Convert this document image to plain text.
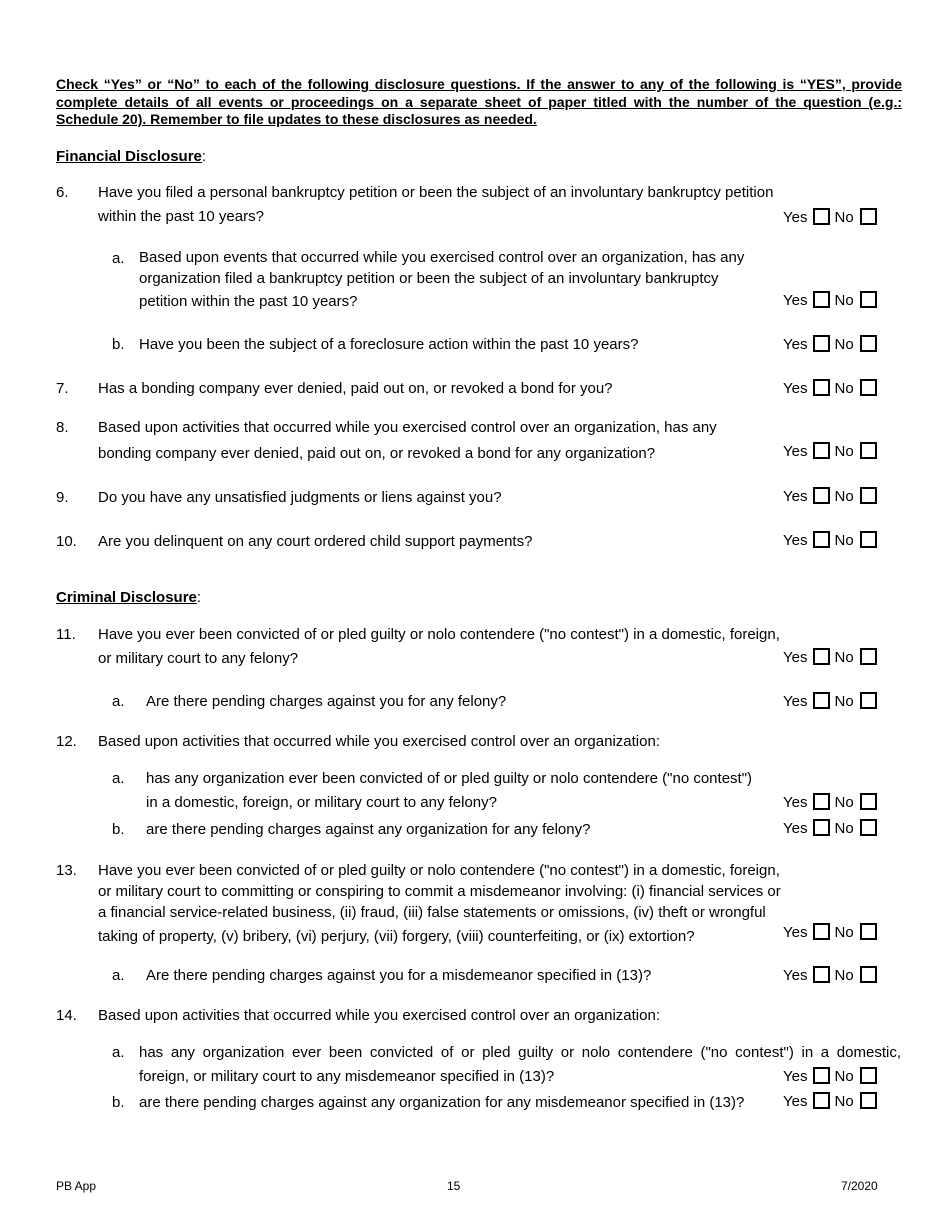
Check “Yes” or “No” to each of the following disclosure questions. If the answer to any of the following is “YES”, provide complete details of all events or proceedings on a separate sheet of paper titled with the number of the question (e.g.: Schedule 20). Remember to file updates to these disclosures as needed.
Financial Disclosure:
6. Have you filed a personal bankruptcy petition or been the subject of an involuntary bankruptcy petition
within the past 10 years?
a. Based upon events that occurred while you exercised control over an organization, has any
organization filed a bankruptcy petition or been the subject of an involuntary bankruptcy
petition within the past 10 years?
b. Have you been the subject of a foreclosure action within the past 10 years?
7. Has a bonding company ever denied, paid out on, or revoked a bond for you?
8. Based upon activities that occurred while you exercised control over an organization, has any
bonding company ever denied, paid out on, or revoked a bond for any organization?
9. Do you have any unsatisfied judgments or liens against you?
10. Are you delinquent on any court ordered child support payments?
Criminal Disclosure:
11. Have you ever been convicted of or pled guilty or nolo contendere ("no contest") in a domestic, foreign,
or military court to any felony?
a. Are there pending charges against you for any felony?
12. Based upon activities that occurred while you exercised control over an organization:
a. has any organization ever been convicted of or pled guilty or nolo contendere ("no contest")
in a domestic, foreign, or military court to any felony?
b. are there pending charges against any organization for any felony?
13. Have you ever been convicted of or pled guilty or nolo contendere ("no contest") in a domestic, foreign,
or military court to committing or conspiring to commit a misdemeanor involving: (i) financial services or
a financial service-related business, (ii) fraud, (iii) false statements or omissions, (iv) theft or wrongful
taking of property, (v) bribery, (vi) perjury, (vii) forgery, (viii) counterfeiting, or (ix) extortion?
a. Are there pending charges against you for a misdemeanor specified in (13)?
14. Based upon activities that occurred while you exercised control over an organization:
a. has any organization ever been convicted of or pled guilty or nolo contendere ("no contest") in a domestic,
foreign, or military court to any misdemeanor specified in (13)?
b. are there pending charges against any organization for any misdemeanor specified in (13)?
Yes No
Yes No
Yes No
Yes No
Yes No
Yes No
Yes No
Yes No
Yes No
Yes No
Yes No
Yes No
Yes No
Yes No
Yes No
PB App	15	7/2020
